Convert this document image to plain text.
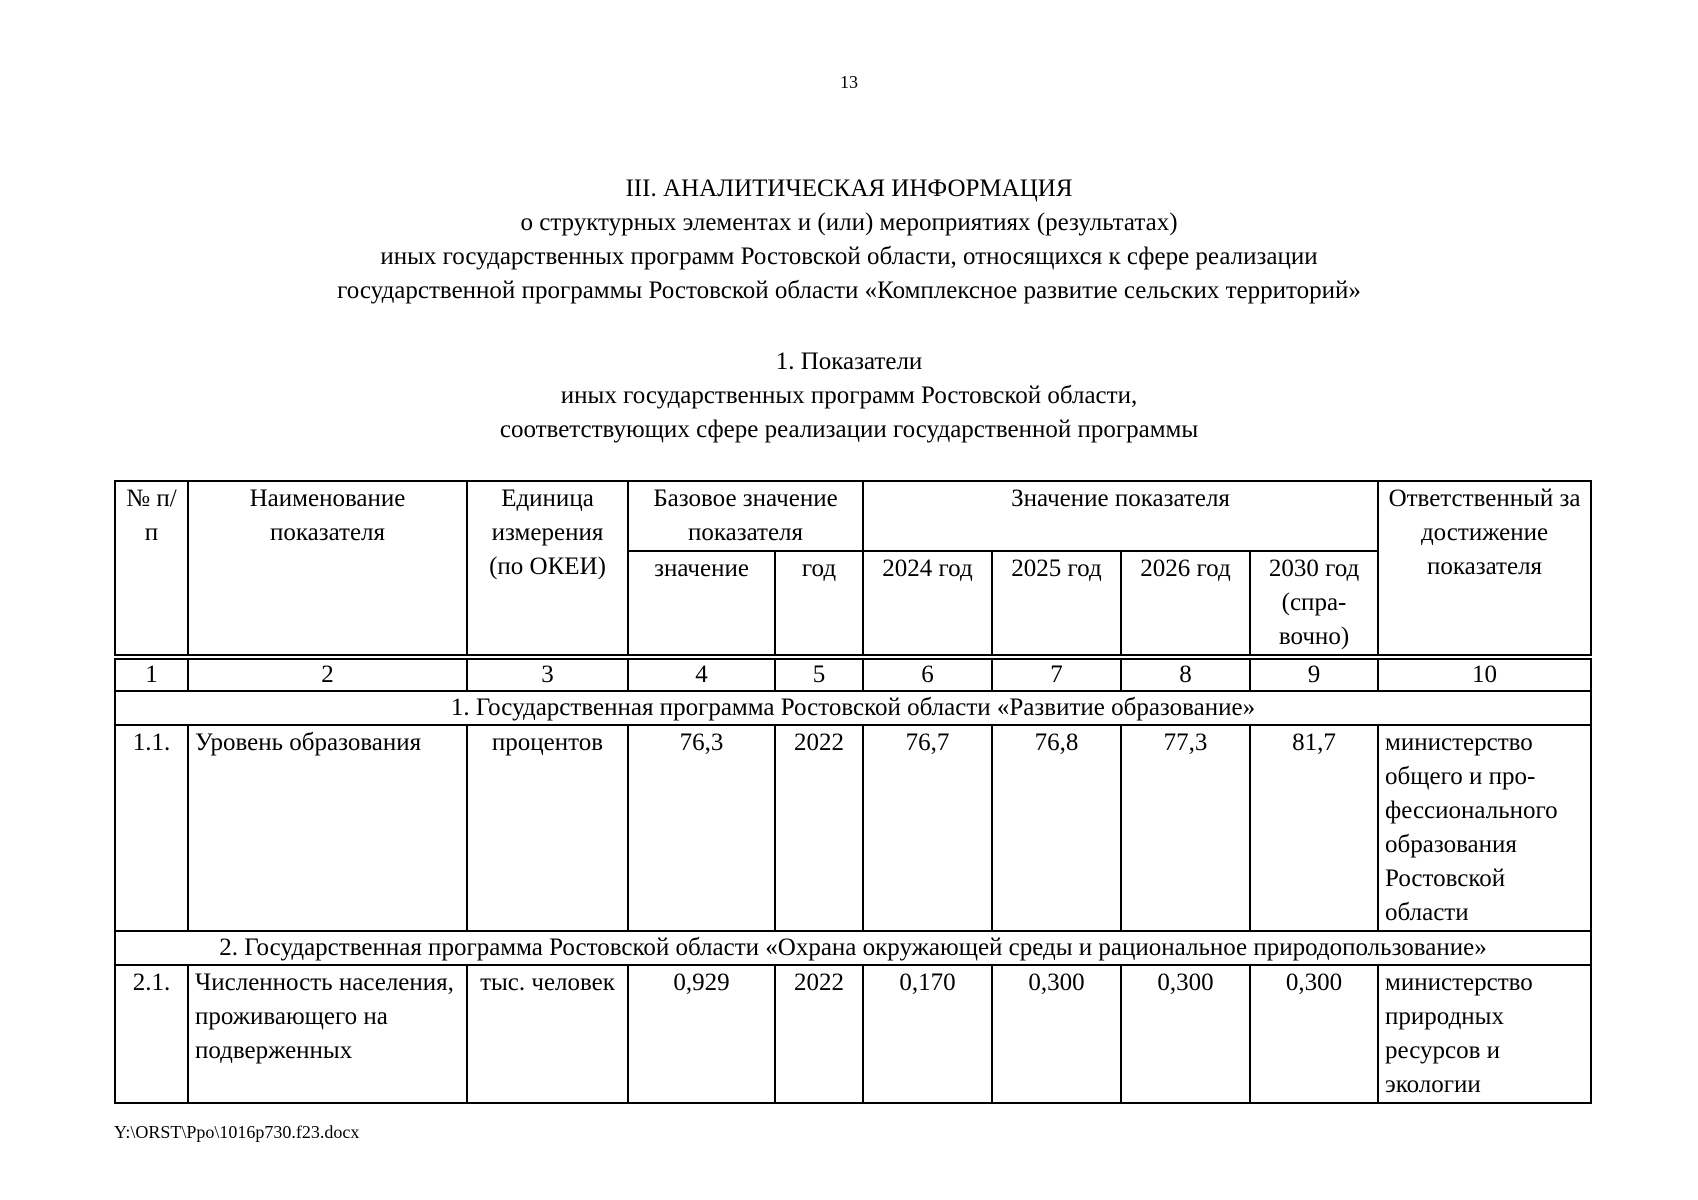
13
III. АНАЛИТИЧЕСКАЯ ИНФОРМАЦИЯ
о структурных элементах и (или) мероприятиях (результатах)
иных государственных программ Ростовской области, относящихся к сфере реализации
государственной программы Ростовской области «Комплексное развитие сельских территорий»
1. Показатели
иных государственных программ Ростовской области,
соответствующих сфере реализации государственной программы
№ п/п	Наименование показателя	Единица измерения (по ОКЕИ)	Базовое значение показателя		Значение показателя				Ответственный за достижение показателя
			значение	год	2024 год	2025 год	2026 год	2030 год (спра-вочно)	
1	2	3	4	5	6	7	8	9	10
1. Государственная программа Ростовской области «Развитие образование»									
1.1.	Уровень образования	процентов	76,3	2022	76,7	76,8	77,3	81,7	министерство общего и про-фессионального образования Ростовской области
2. Государственная программа Ростовской области «Охрана окружающей среды и рациональное природопользование»									
2.1.	Численность населения, проживающего на подверженных	тыс. человек	0,929	2022	0,170	0,300	0,300	0,300	министерство природных ресурсов и экологии
Y:\ORST\Ppo\1016p730.f23.docx
